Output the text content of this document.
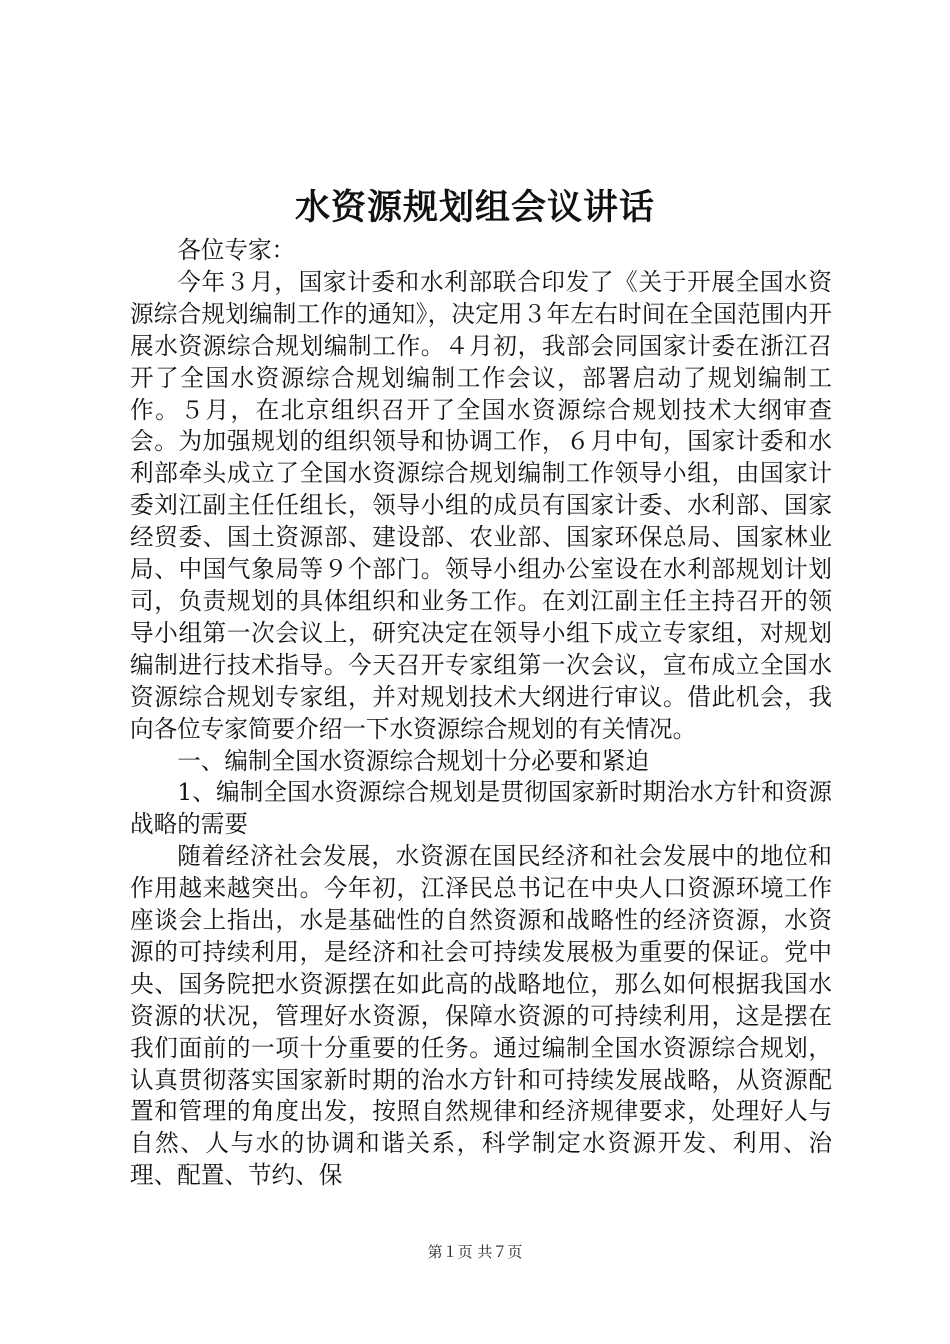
水资源规划组会议讲话

各位专家：

今年３月，国家计委和水利部联合印发了《关于开展全国水资源综合规划编制工作的通知》，决定用３年左右时间在全国范围内开展水资源综合规划编制工作。４月初，我部会同国家计委在浙江召开了全国水资源综合规划编制工作会议，部署启动了规划编制工作。５月，在北京组织召开了全国水资源综合规划技术大纲审查会。为加强规划的组织领导和协调工作，６月中旬，国家计委和水利部牵头成立了全国水资源综合规划编制工作领导小组，由国家计委刘江副主任任组长，领导小组的成员有国家计委、水利部、国家经贸委、国土资源部、建设部、农业部、国家环保总局、国家林业局、中国气象局等９个部门。领导小组办公室设在水利部规划计划司，负责规划的具体组织和业务工作。在刘江副主任主持召开的领导小组第一次会议上，研究决定在领导小组下成立专家组，对规划编制进行技术指导。今天召开专家组第一次会议，宣布成立全国水资源综合规划专家组，并对规划技术大纲进行审议。借此机会，我向各位专家简要介绍一下水资源综合规划的有关情况。

一、编制全国水资源综合规划十分必要和紧迫

1、编制全国水资源综合规划是贯彻国家新时期治水方针和资源战略的需要

随着经济社会发展，水资源在国民经济和社会发展中的地位和作用越来越突出。今年初，江泽民总书记在中央人口资源环境工作座谈会上指出，水是基础性的自然资源和战略性的经济资源，水资源的可持续利用，是经济和社会可持续发展极为重要的保证。党中央、国务院把水资源摆在如此高的战略地位，那么如何根据我国水资源的状况，管理好水资源，保障水资源的可持续利用，这是摆在我们面前的一项十分重要的任务。通过编制全国水资源综合规划，认真贯彻落实国家新时期的治水方针和可持续发展战略，从资源配置和管理的角度出发，按照自然规律和经济规律要求，处理好人与自然、人与水的协调和谐关系，科学制定水资源开发、利用、治理、配置、节约、保

第１页 共７页
